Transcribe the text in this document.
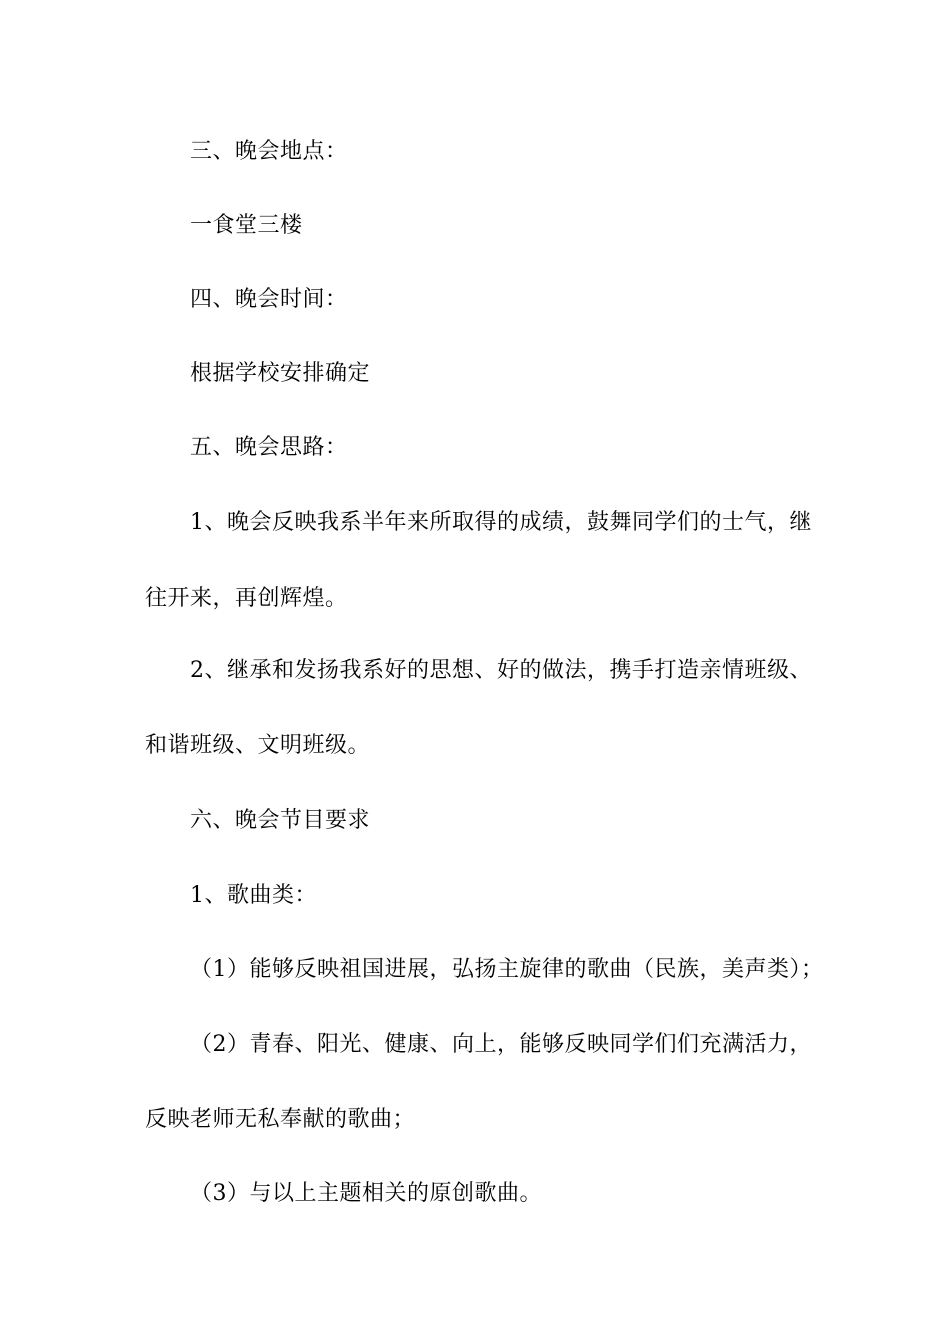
三、晚会地点：
一食堂三楼
四、晚会时间：
根据学校安排确定
五、晚会思路：
1、晚会反映我系半年来所取得的成绩，鼓舞同学们的士气，继
往开来，再创辉煌。
2、继承和发扬我系好的思想、好的做法，携手打造亲情班级、
和谐班级、文明班级。
六、晚会节目要求
1、歌曲类：
（1）能够反映祖国进展，弘扬主旋律的歌曲（民族，美声类）；
（2）青春、阳光、健康、向上，能够反映同学们们充满活力，
反映老师无私奉献的歌曲；
（3）与以上主题相关的原创歌曲。
